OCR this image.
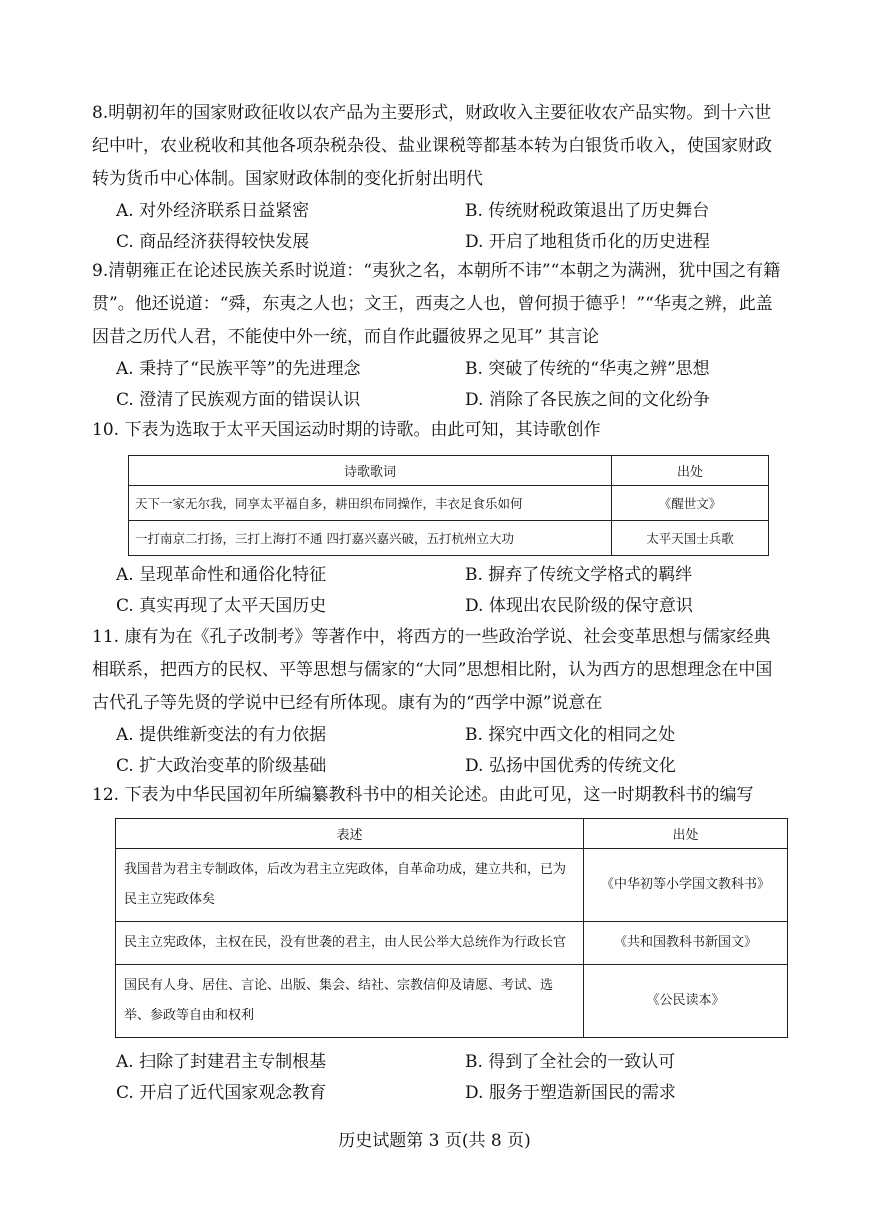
8.明朝初年的国家财政征收以农产品为主要形式，财政收入主要征收农产品实物。到十六世纪中叶，农业税收和其他各项杂税杂役、盐业课税等都基本转为白银货币收入，使国家财政转为货币中心体制。国家财政体制的变化折射出明代

A. 对外经济联系日益紧密	B. 传统财税政策退出了历史舞台
C. 商品经济获得较快发展	D. 开启了地租货币化的历史进程

9.清朝雍正在论述民族关系时说道：“夷狄之名，本朝所不讳”“本朝之为满洲，犹中国之有籍贯”。他还说道：“舜，东夷之人也；文王，西夷之人也，曾何损于德乎！”“华夷之辨，此盖因昔之历代人君，不能使中外一统，而自作此疆彼界之见耳” 其言论

A. 秉持了“民族平等”的先进理念	B. 突破了传统的“华夷之辨”思想
C. 澄清了民族观方面的错误认识	D. 消除了各民族之间的文化纷争

10. 下表为选取于太平天国运动时期的诗歌。由此可知，其诗歌创作

诗歌歌词	出处
天下一家无尔我，同享太平福自多，耕田织布同操作，丰衣足食乐如何	《醒世文》
一打南京二打扬，三打上海打不通 四打嘉兴嘉兴破，五打杭州立大功	太平天国士兵歌
A. 呈现革命性和通俗化特征	B. 摒弃了传统文学格式的羁绊
C. 真实再现了太平天国历史	D. 体现出农民阶级的保守意识

11. 康有为在《孔子改制考》等著作中，将西方的一些政治学说、社会变革思想与儒家经典相联系，把西方的民权、平等思想与儒家的“大同”思想相比附，认为西方的思想理念在中国古代孔子等先贤的学说中已经有所体现。康有为的“西学中源”说意在

A. 提供维新变法的有力依据	B. 探究中西文化的相同之处
C. 扩大政治变革的阶级基础	D. 弘扬中国优秀的传统文化

12. 下表为中华民国初年所编纂教科书中的相关论述。由此可见，这一时期教科书的编写

表述	出处
我国昔为君主专制政体，后改为君主立宪政体，自革命功成，建立共和，已为民主立宪政体矣	《中华初等小学国文教科书》
民主立宪政体，主权在民，没有世袭的君主，由人民公举大总统作为行政长官	《共和国教科书新国文》
国民有人身、居住、言论、出版、集会、结社、宗教信仰及请愿、考试、选举、参政等自由和权利	《公民读本》
A. 扫除了封建君主专制根基	B. 得到了全社会的一致认可
C. 开启了近代国家观念教育	D. 服务于塑造新国民的需求
历史试题第 3 页(共 8 页)
